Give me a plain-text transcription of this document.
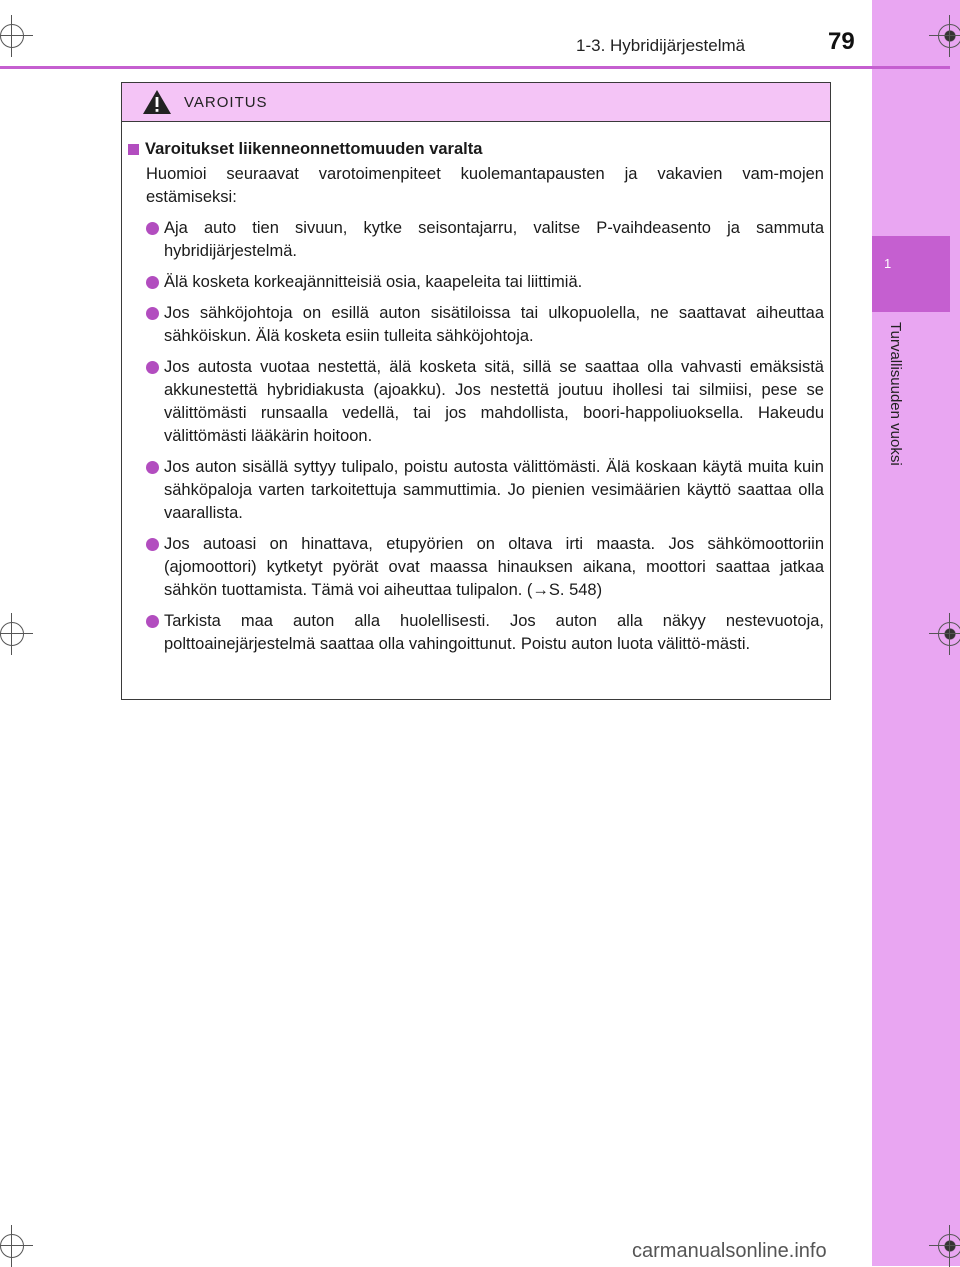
1
Turvallisuuden vuoksi
1-3. Hybridijärjestelmä	79
VAROITUS
Varoitukset liikenneonnettomuuden varalta
Huomioi seuraavat varotoimenpiteet kuolemantapausten ja vakavien vam-mojen estämiseksi:
Aja auto tien sivuun, kytke seisontajarru, valitse P-vaihdeasento ja sammuta hybridijärjestelmä.
Älä kosketa korkeajännitteisiä osia, kaapeleita tai liittimiä.
Jos sähköjohtoja on esillä auton sisätiloissa tai ulkopuolella, ne saattavat aiheuttaa sähköiskun. Älä kosketa esiin tulleita sähköjohtoja.
Jos autosta vuotaa nestettä, älä kosketa sitä, sillä se saattaa olla vahvasti emäksistä akkunestettä hybridiakusta (ajoakku). Jos nestettä joutuu ihollesi tai silmiisi, pese se välittömästi runsaalla vedellä, tai jos mahdollista, boori-happoliuoksella. Hakeudu välittömästi lääkärin hoitoon.
Jos auton sisällä syttyy tulipalo, poistu autosta välittömästi. Älä koskaan käytä muita kuin sähköpaloja varten tarkoitettuja sammuttimia. Jo pienien vesimäärien käyttö saattaa olla vaarallista.
Jos autoasi on hinattava, etupyörien on oltava irti maasta. Jos sähkömoottoriin (ajomoottori) kytketyt pyörät ovat maassa hinauksen aikana, moottori saattaa jatkaa sähkön tuottamista. Tämä voi aiheuttaa tulipalon. (→S. 548)
Tarkista maa auton alla huolellisesti. Jos auton alla näkyy nestevuotoja, polttoainejärjestelmä saattaa olla vahingoittunut. Poistu auton luota välittö-mästi.
carmanualsonline.info
